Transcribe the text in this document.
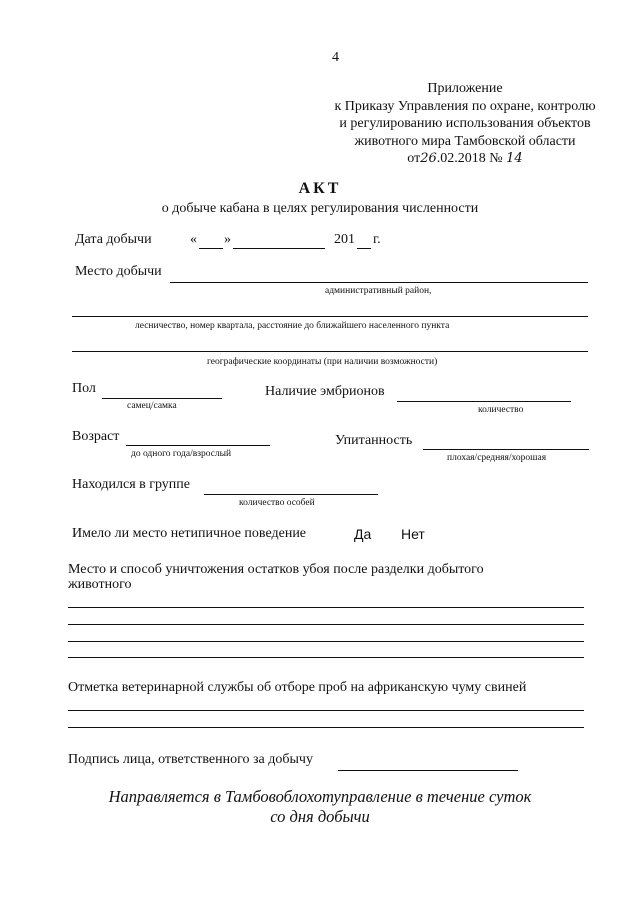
4
Приложение
к Приказу Управления по охране, контролю
и регулированию использования объектов
животного мира Тамбовской области
от26.02.2018 № 14
АКТ
о добыче кабана в целях регулирования численности
Дата добычи	« »	201 г.
Место добычи
административный район,
лесничество, номер квартала, расстояние до ближайшего населенного пункта
географические координаты (при наличии возможности)
Пол
самец/самка
Наличие эмбрионов
количество
Возраст
до одного года/взрослый
Упитанность
плохая/средняя/хорошая
Находился в группе
количество особей
Имело ли место нетипичное поведение	Да Нет
Место и способ уничтожения остатков убоя после разделки добытого
животного
Отметка ветеринарной службы об отборе проб на африканскую чуму свиней
Подпись лица, ответственного за добычу
Направляется в Тамбовоблохотуправление в течение суток
со дня добычи
